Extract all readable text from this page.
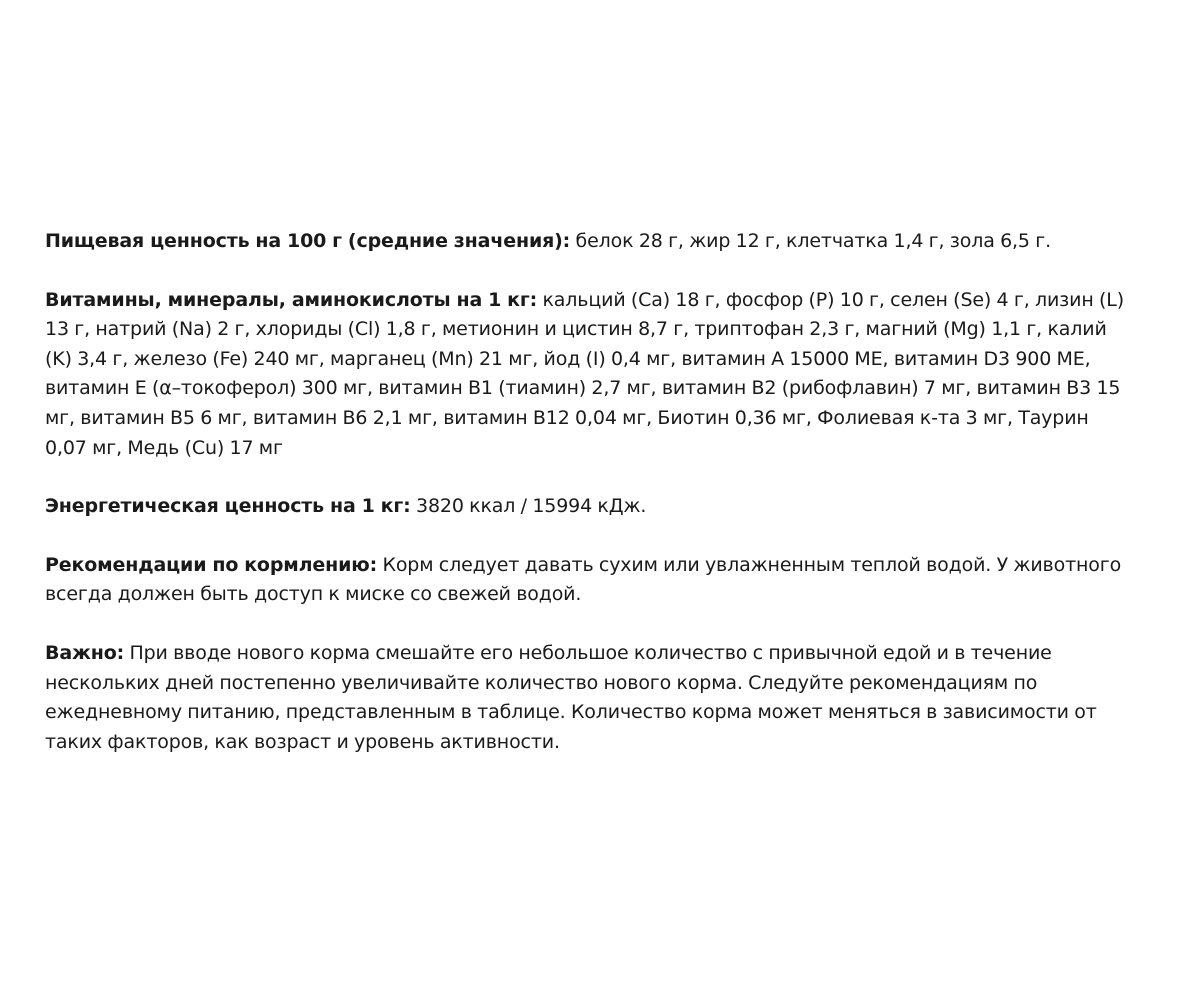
Пищевая ценность на 100 г (средние значения): белок 28 г, жир 12 г, клетчатка 1,4 г, зола 6,5 г.

Витамины, минералы, аминокислоты на 1 кг: кальций (Са) 18 г, фосфор (Р) 10 г, селен (Se) 4 г, лизин (L) 13 г, натрий (Na) 2 г, хлориды (Cl) 1,8 г, метионин и цистин 8,7 г, триптофан 2,3 г, магний (Mg) 1,1 г, калий (K) 3,4 г, железо (Fe) 240 мг, марганец (Mn) 21 мг, йод (I) 0,4 мг, витамин А 15000 МЕ, витамин D3 900 МЕ, витамин Е (α–токоферол) 300 мг, витамин B1 (тиамин) 2,7 мг, витамин B2 (рибофлавин) 7 мг, витамин B3 15 мг, витамин B5 6 мг, витамин B6 2,1 мг, витамин B12 0,04 мг, Биотин 0,36 мг, Фолиевая к-та 3 мг, Таурин 0,07 мг, Медь (Cu) 17 мг

Энергетическая ценность на 1 кг: 3820 ккал / 15994 кДж.

Рекомендации по кормлению: Корм следует давать сухим или увлажненным теплой водой. У животного всегда должен быть доступ к миске со свежей водой.

Важно: При вводе нового корма смешайте его небольшое количество с привычной едой и в течение нескольких дней постепенно увеличивайте количество нового корма. Следуйте рекомендациям по ежедневному питанию, представленным в таблице. Количество корма может меняться в зависимости от таких факторов, как возраст и уровень активности.
